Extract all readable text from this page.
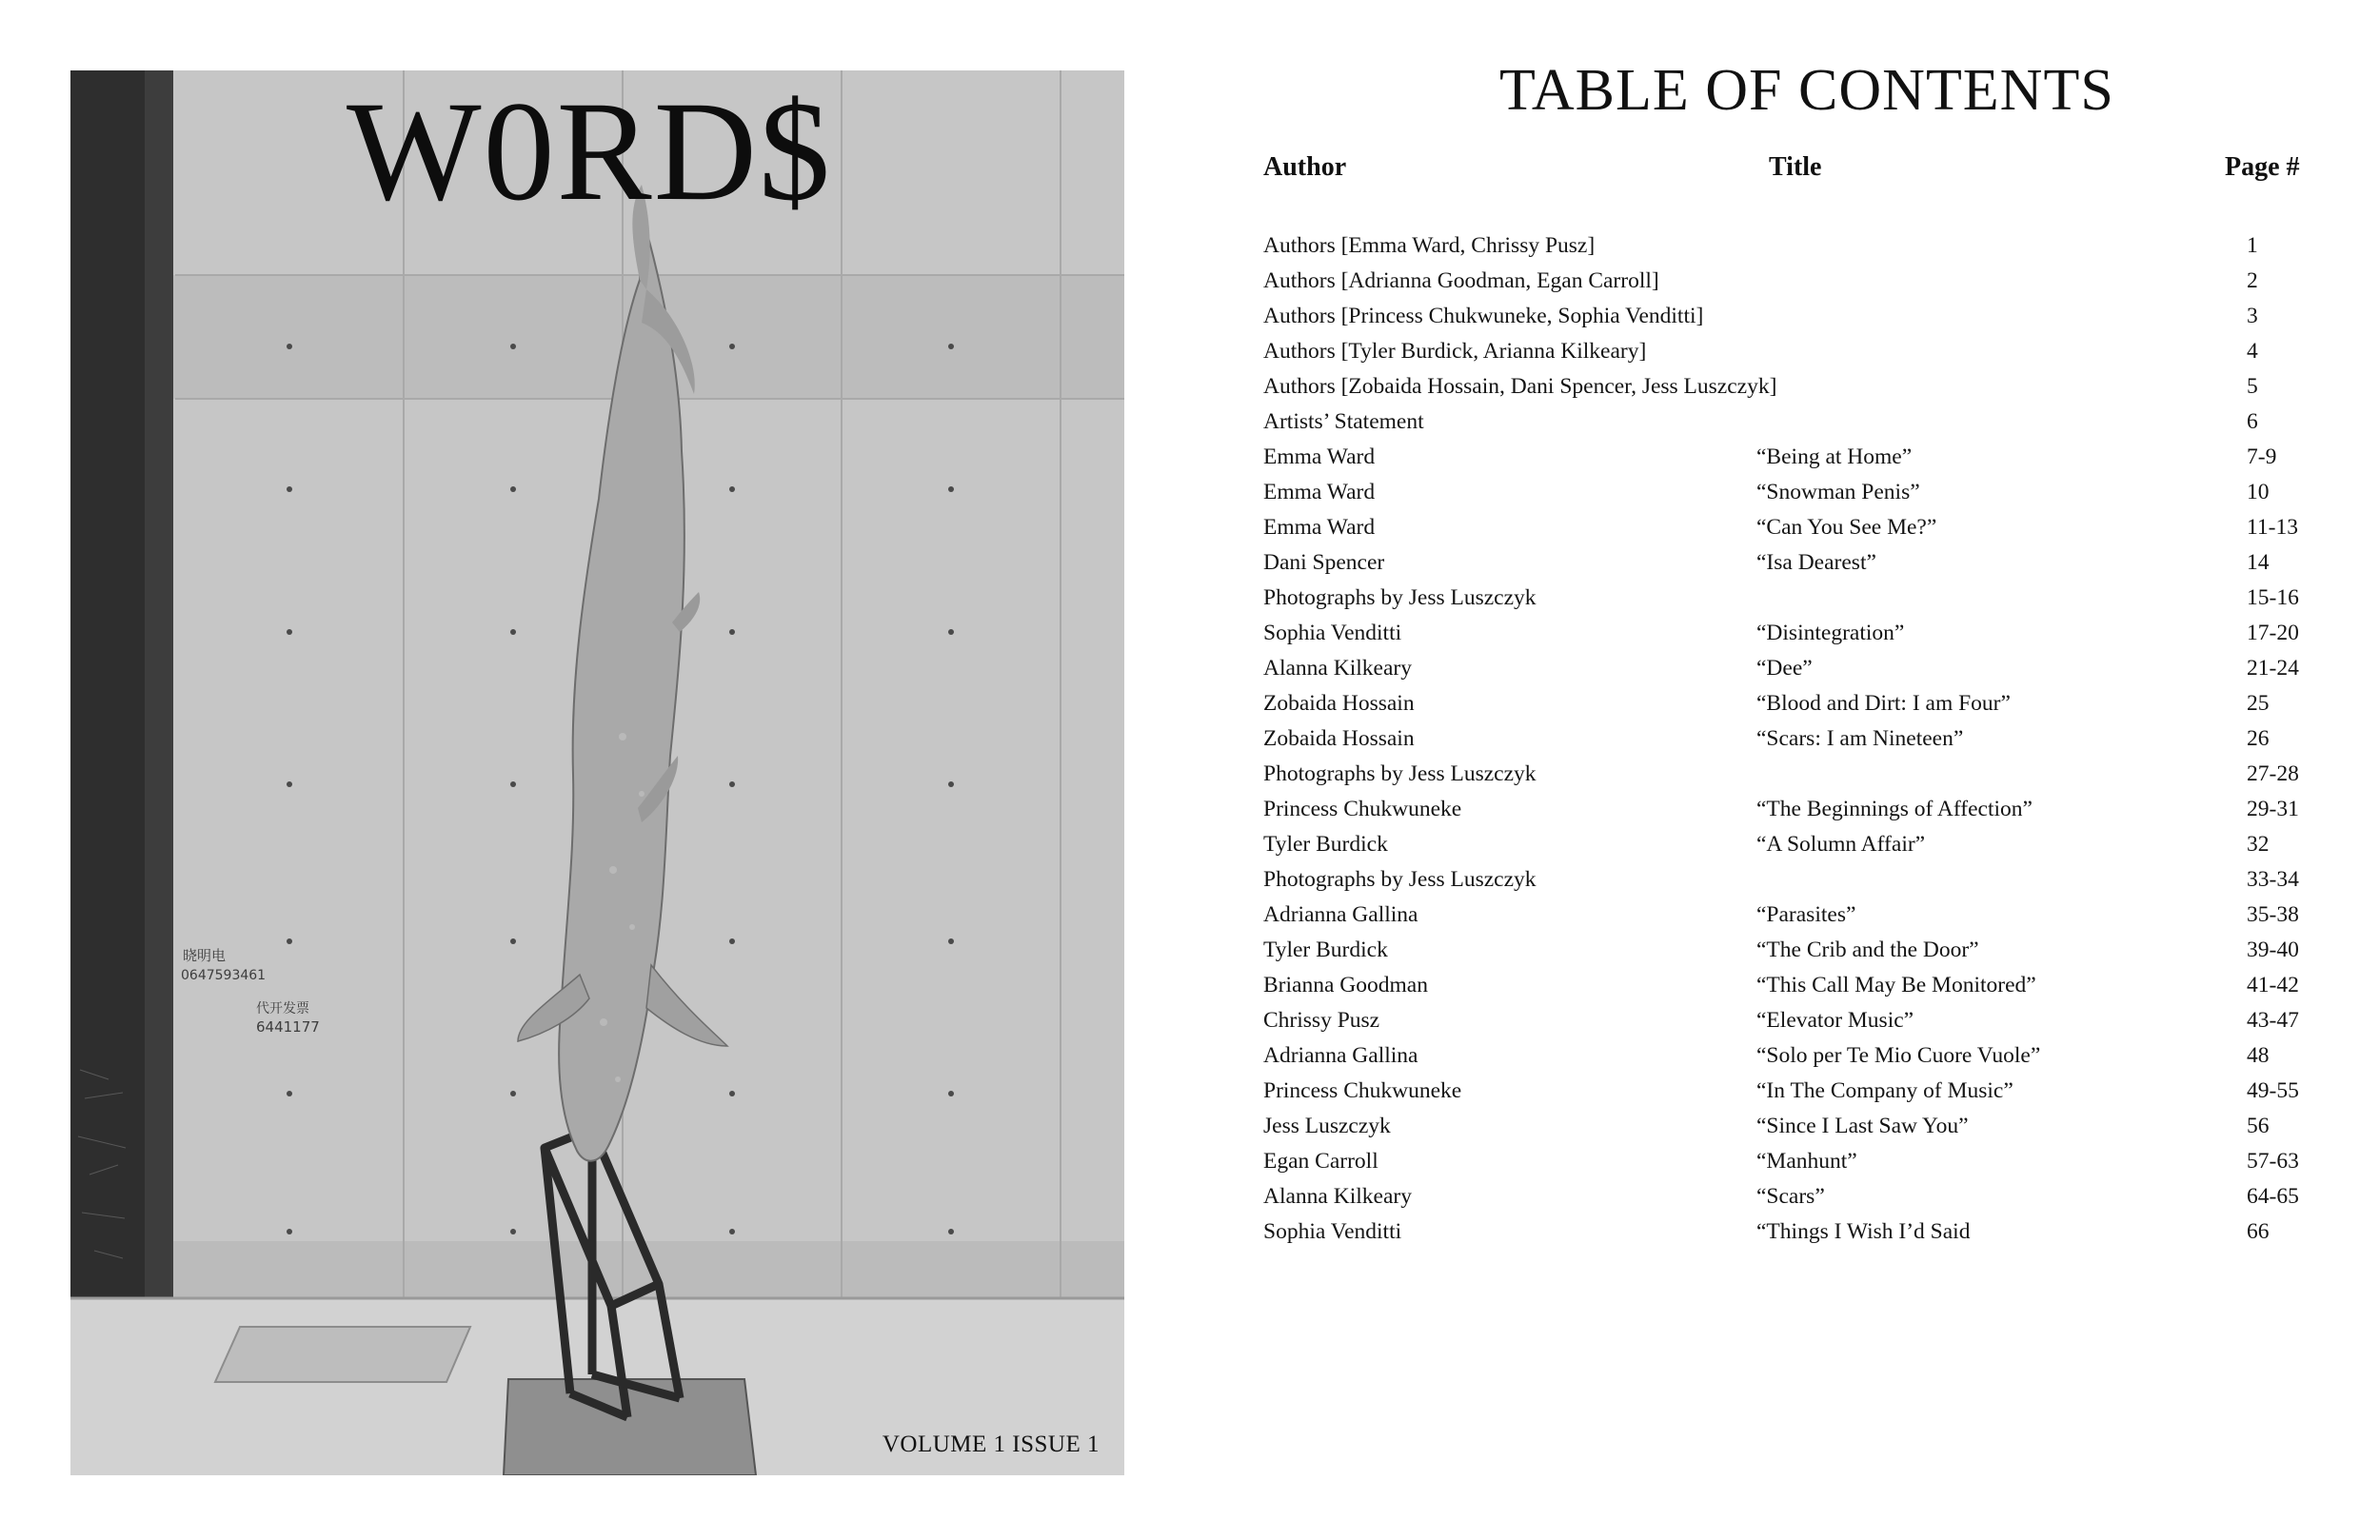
晓明电
0647593461
代开发票
6441177
W0RD$
VOLUME 1 ISSUE 1
TABLE OF CONTENTS
Author	Title	Page #
Authors [Emma Ward, Chrissy Pusz]	1
Authors [Adrianna Goodman, Egan Carroll]	2
Authors [Princess Chukwuneke, Sophia Venditti]	3
Authors [Tyler Burdick, Arianna Kilkeary]	4
Authors [Zobaida Hossain, Dani Spencer, Jess Luszczyk]	5
Artists’ Statement	6
Emma Ward	“Being at Home”	7-9
Emma Ward	“Snowman Penis”	10
Emma Ward	“Can You See Me?”	11-13
Dani Spencer	“Isa Dearest”	14
Photographs by Jess Luszczyk	15-16
Sophia Venditti	“Disintegration”	17-20
Alanna Kilkeary	“Dee”	21-24
Zobaida Hossain	“Blood and Dirt: I am Four”	25
Zobaida Hossain	“Scars: I am Nineteen”	26
Photographs by Jess Luszczyk	27-28
Princess Chukwuneke	“The Beginnings of Affection”	29-31
Tyler Burdick	“A Solumn Affair”	32
Photographs by Jess Luszczyk	33-34
Adrianna Gallina	“Parasites”	35-38
Tyler Burdick	“The Crib and the Door”	39-40
Brianna Goodman	“This Call May Be Monitored”	41-42
Chrissy Pusz	“Elevator Music”	43-47
Adrianna Gallina	“Solo per Te Mio Cuore Vuole”	48
Princess Chukwuneke	“In The Company of Music”	49-55
Jess Luszczyk	“Since I Last Saw You”	56
Egan Carroll	“Manhunt”	57-63
Alanna Kilkeary	“Scars”	64-65
Sophia Venditti	“Things I Wish I’d Said	66
